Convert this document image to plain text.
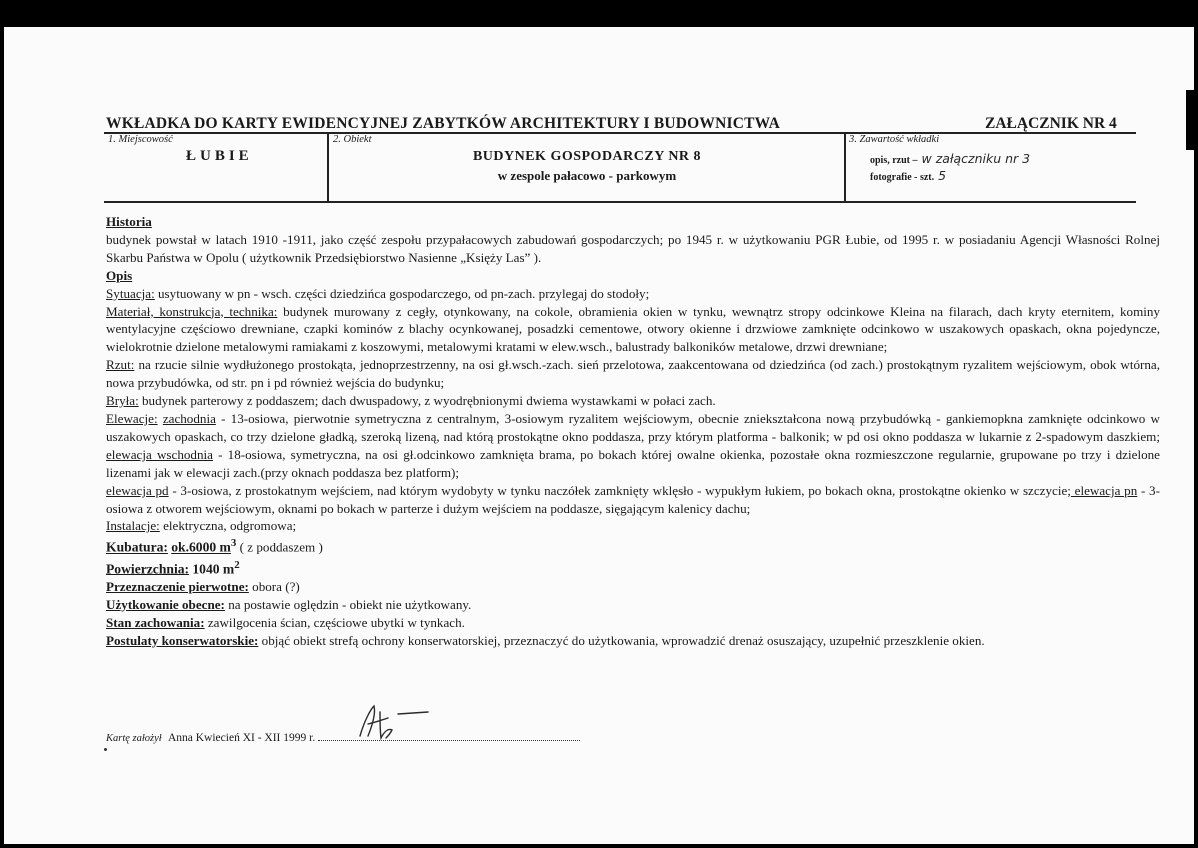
WKŁADKA DO KARTY EWIDENCYJNEJ ZABYTKÓW ARCHITEKTURY I BUDOWNICTWA	ZAŁĄCZNIK NR 4
1. Miejscowość
ŁUBIE
2. Obiekt
BUDYNEK GOSPODARCZY NR 8
w zespole pałacowo - parkowym
3. Zawartość wkładki
opis, rzut – w załączniku nr 3
fotografie - szt. 5

Historia

budynek powstał w latach 1910 -1911, jako część zespołu przypałacowych zabudowań gospodarczych; po 1945 r. w użytkowaniu PGR Łubie, od 1995 r. w posiadaniu Agencji Własności Rolnej Skarbu Państwa w Opolu ( użytkownik Przedsiębiorstwo Nasienne „Księży Las” ).

Opis

Sytuacja: usytuowany w pn - wsch. części dziedzińca gospodarczego, od pn-zach. przylegaj do stodoły;

Materiał, konstrukcja, technika: budynek murowany z cegły, otynkowany, na cokole, obramienia okien w tynku, wewnątrz stropy odcinkowe Kleina na filarach, dach kryty eternitem, kominy wentylacyjne częściowo drewniane, czapki kominów z blachy ocynkowanej, posadzki cementowe, otwory okienne i drzwiowe zamknięte odcinkowo w uszakowych opaskach, okna pojedyncze, wielokrotnie dzielone metalowymi ramiakami z koszowymi, metalowymi kratami w elew.wsch., balustrady balkoników metalowe, drzwi drewniane;

Rzut: na rzucie silnie wydłużonego prostokąta, jednoprzestrzenny, na osi gł.wsch.-zach. sień przelotowa, zaakcentowana od dziedzińca (od zach.) prostokątnym ryzalitem wejściowym, obok wtórna, nowa przybudówka, od str. pn i pd również wejścia do budynku;

Bryła: budynek parterowy z poddaszem; dach dwuspadowy, z wyodrębnionymi dwiema wystawkami w połaci zach.

Elewacje: zachodnia - 13-osiowa, pierwotnie symetryczna z centralnym, 3-osiowym ryzalitem wejściowym, obecnie zniekształcona nową przybudówką - gankiemopkna zamknięte odcinkowo w uszakowych opaskach, co trzy dzielone gładką, szeroką lizeną, nad którą prostokątne okno poddasza, przy którym platforma - balkonik; w pd osi okno poddasza w lukarnie z 2-spadowym daszkiem; elewacja wschodnia - 18-osiowa, symetryczna, na osi gł.odcinkowo zamknięta brama, po bokach której owalne okienka, pozostałe okna rozmieszczone regularnie, grupowane po trzy i dzielone lizenami jak w elewacji zach.(przy oknach poddasza bez platform);

elewacja pd - 3-osiowa, z prostokatnym wejściem, nad którym wydobyty w tynku naczółek zamknięty wklęsło - wypukłym łukiem, po bokach okna, prostokątne okienko w szczycie; elewacja pn - 3-osiowa z otworem wejściowym, oknami po bokach w parterze i dużym wejściem na poddasze, sięgającym kalenicy dachu;

Instalacje: elektryczna, odgromowa;

Kubatura: ok.6000 $m^3$ ( z poddaszem )

Powierzchnia: 1040 $m^2$

Przeznaczenie pierwotne: obora (?)

Użytkowanie obecne: na postawie oględzin - obiekt nie użytkowany.

Stan zachowania: zawilgocenia ścian, częściowe ubytki w tynkach.

Postulaty konserwatorskie: objąć obiekt strefą ochrony konserwatorskiej, przeznaczyć do użytkowania, wprowadzić drenaż osuszający, uzupełnić przeszklenie okien.

Kartę założył Anna Kwiecień XI - XII 1999 r.
